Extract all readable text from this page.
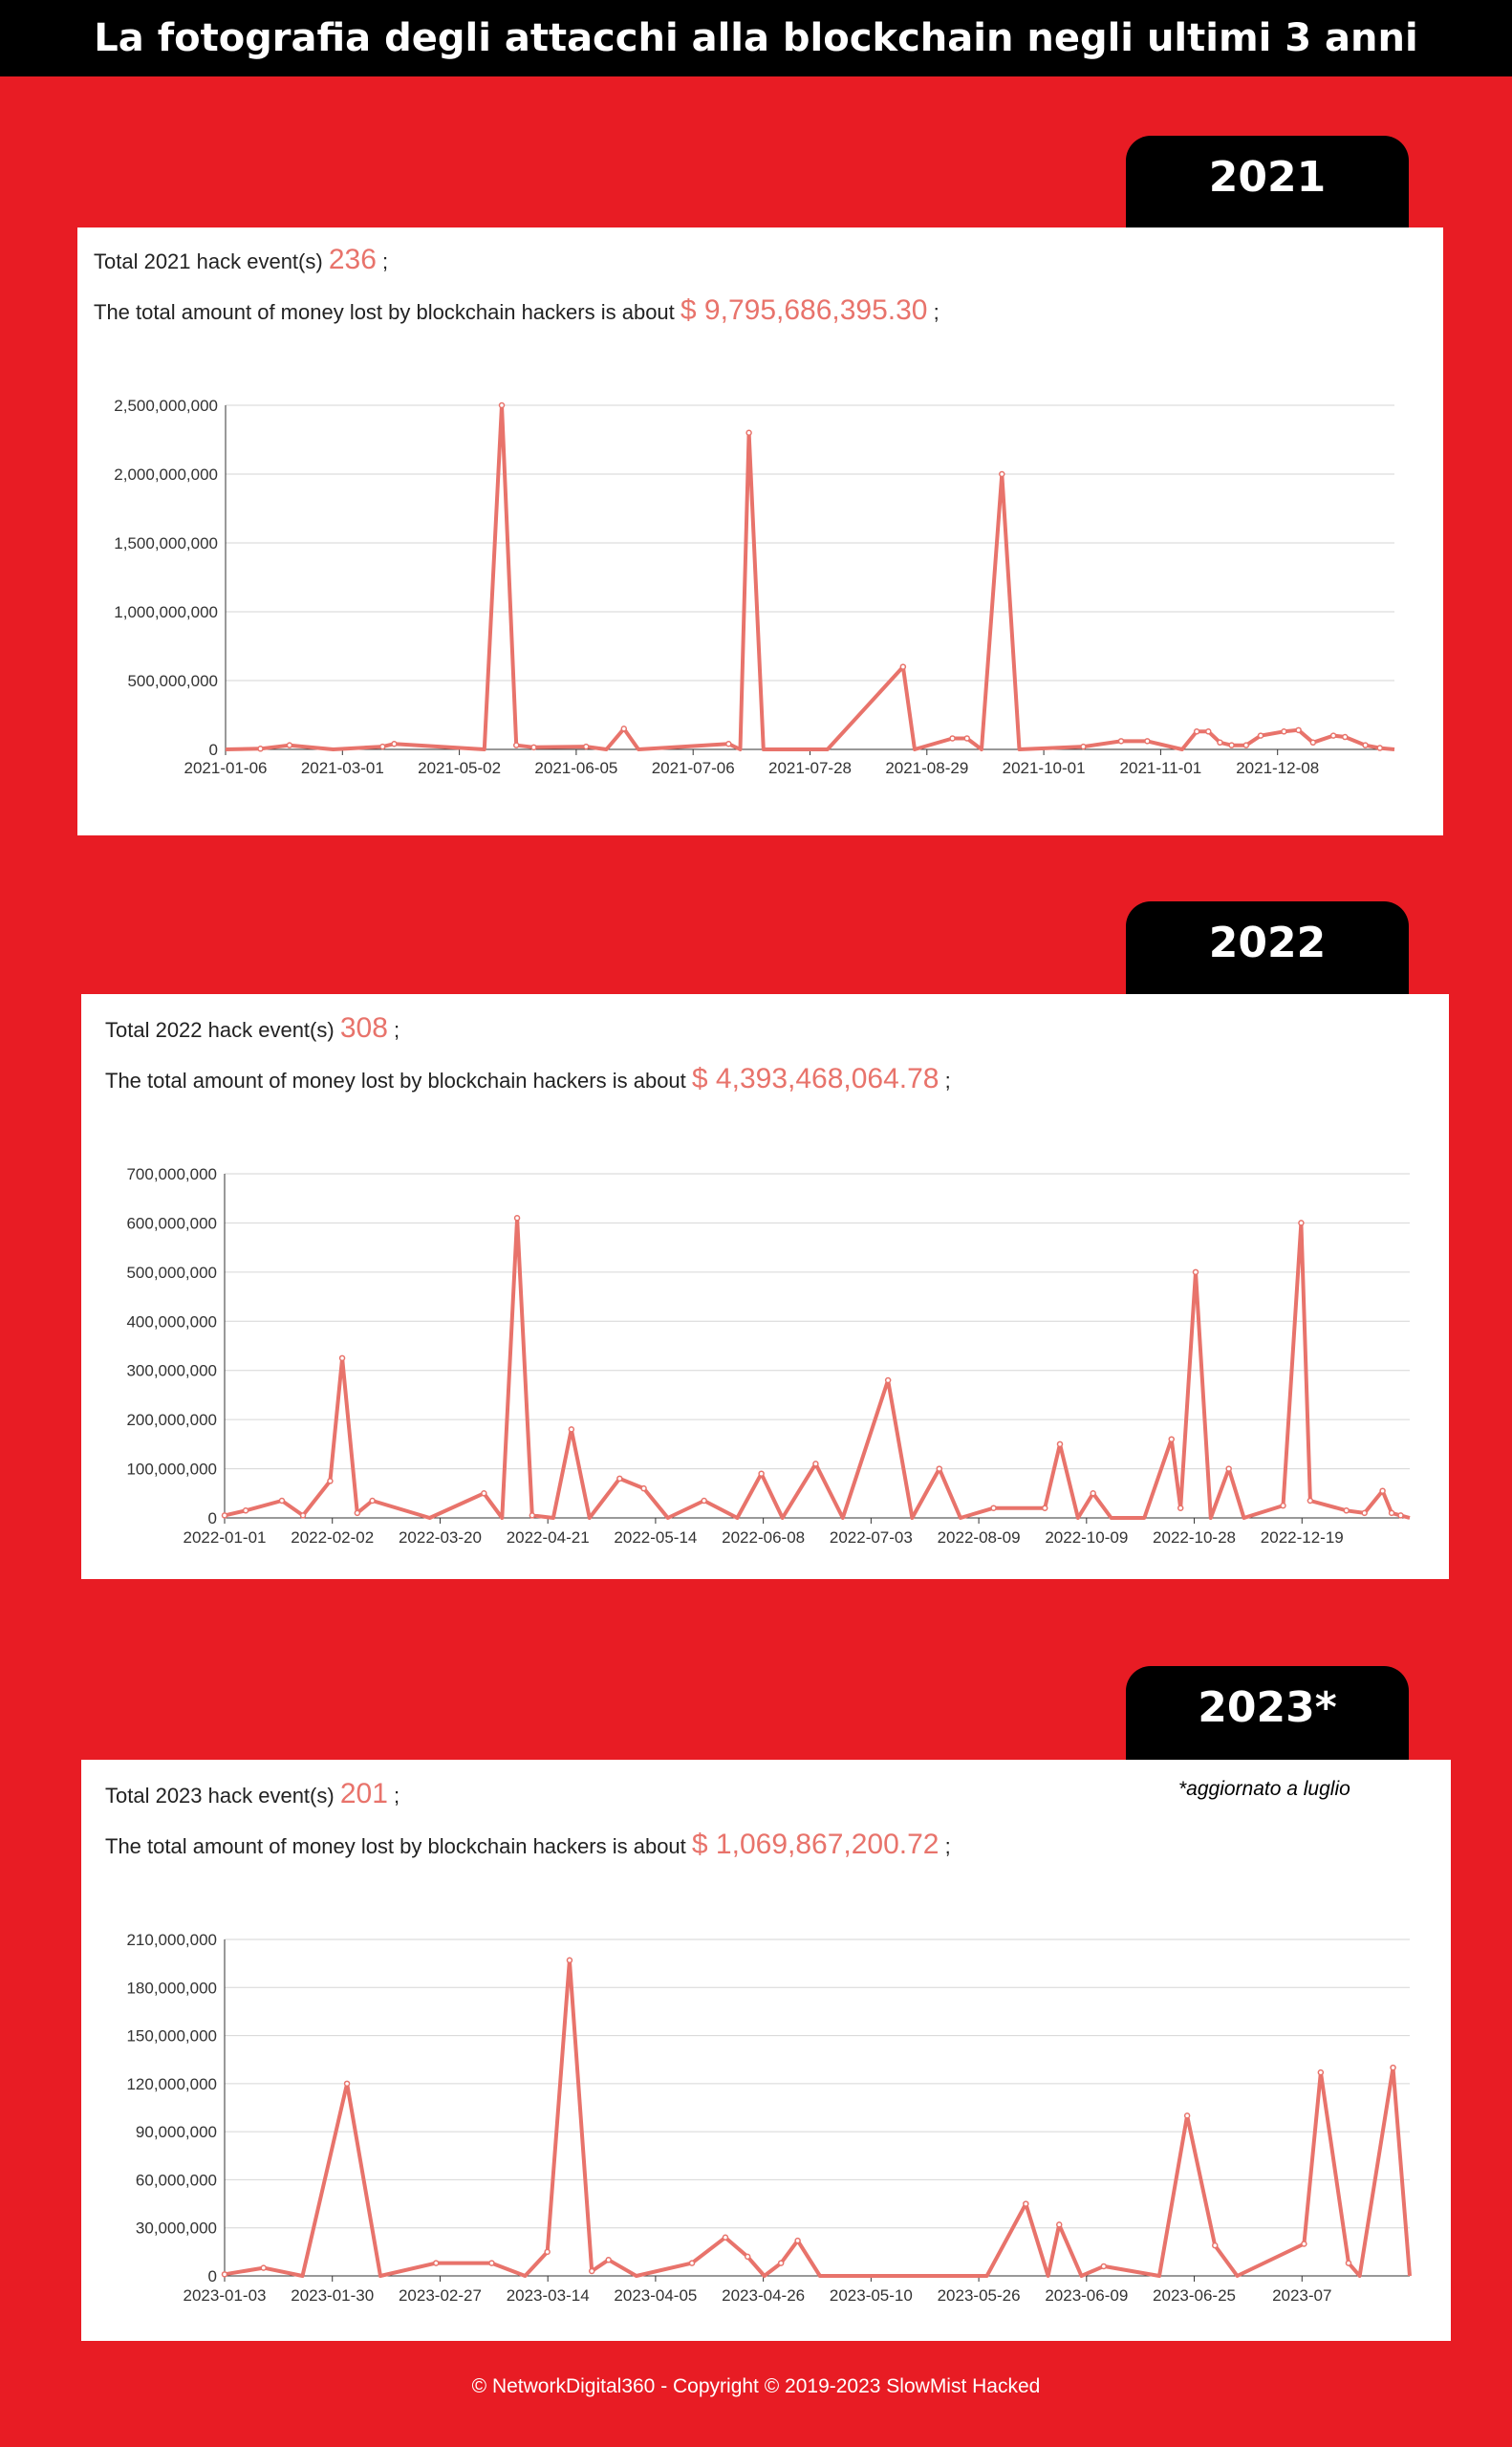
La fotografia degli attacchi alla blockchain negli ultimi 3 anni
2021
Total 2021 hack event(s) 236 ;
The total amount of money lost by blockchain hackers is about $ 9,795,686,395.30 ;
0
500,000,000
1,000,000,000
1,500,000,000
2,000,000,000
2,500,000,000
2021-01-06 2021-03-01 2021-05-02 2021-06-05 2021-07-06 2021-07-28 2021-08-29 2021-10-01 2021-11-01 2021-12-08
2022
Total 2022 hack event(s) 308 ;
The total amount of money lost by blockchain hackers is about $ 4,393,468,064.78 ;
0
100,000,000
200,000,000
300,000,000
400,000,000
500,000,000
600,000,000
700,000,000
2022-01-01 2022-02-02 2022-03-20 2022-04-21 2022-05-14 2022-06-08 2022-07-03 2022-08-09 2022-10-09 2022-10-28 2022-12-19
2023*
Total 2023 hack event(s) 201 ;	*aggiornato a luglio
The total amount of money lost by blockchain hackers is about $ 1,069,867,200.72 ;
0
30,000,000
60,000,000
90,000,000
120,000,000
150,000,000
180,000,000
210,000,000
2023-01-03 2023-01-30 2023-02-27 2023-03-14 2023-04-05 2023-04-26 2023-05-10 2023-05-26 2023-06-09 2023-06-25 2023-07
© NetworkDigital360 - Copyright © 2019-2023 SlowMist Hacked
